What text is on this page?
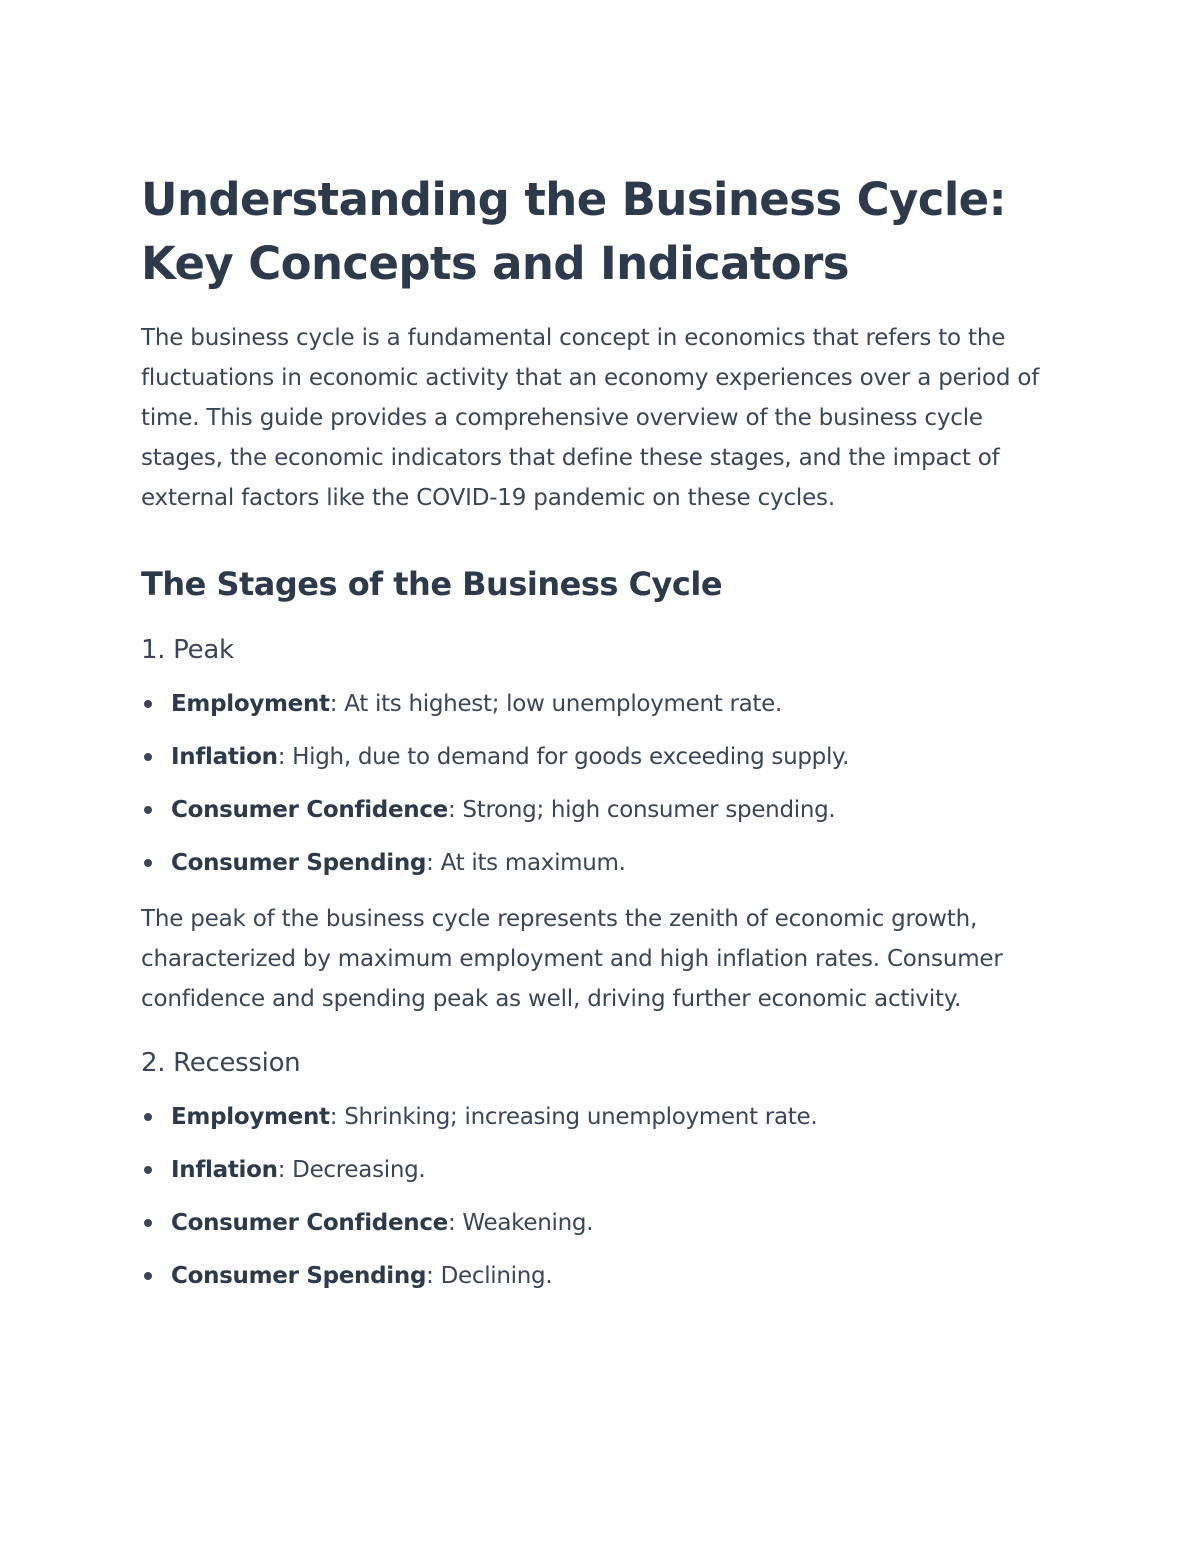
Understanding the Business Cycle: Key Concepts and Indicators

The business cycle is a fundamental concept in economics that refers to the fluctuations in economic activity that an economy experiences over a period of time. This guide provides a comprehensive overview of the business cycle stages, the economic indicators that define these stages, and the impact of external factors like the COVID-19 pandemic on these cycles.

The Stages of the Business Cycle
1. Peak
Employment: At its highest; low unemployment rate.
Inflation: High, due to demand for goods exceeding supply.
Consumer Confidence: Strong; high consumer spending.
Consumer Spending: At its maximum.

The peak of the business cycle represents the zenith of economic growth, characterized by maximum employment and high inflation rates. Consumer confidence and spending peak as well, driving further economic activity.

2. Recession
Employment: Shrinking; increasing unemployment rate.
Inflation: Decreasing.
Consumer Confidence: Weakening.
Consumer Spending: Declining.
